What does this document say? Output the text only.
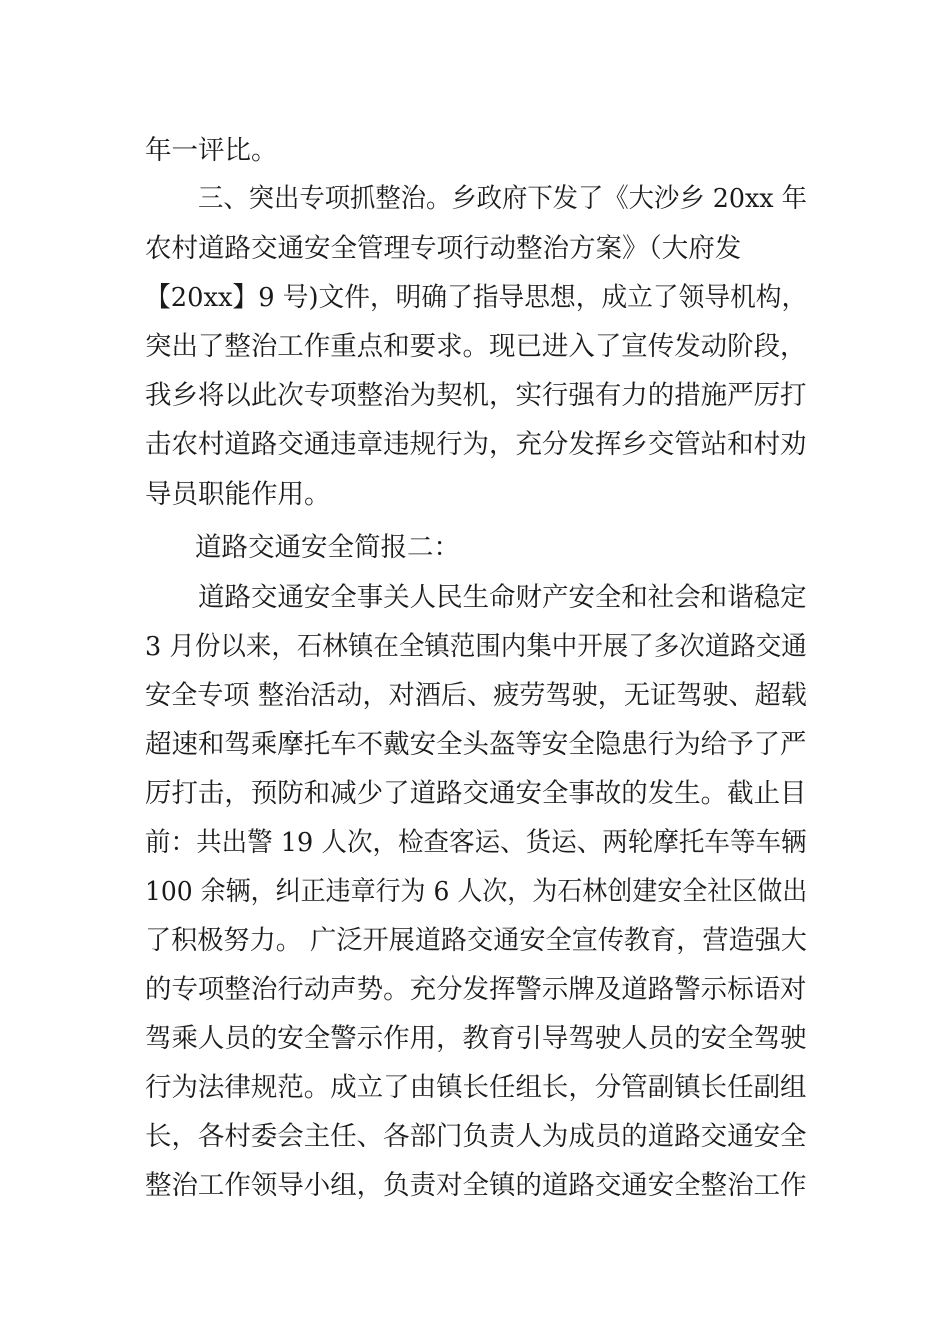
年一评比。
三、突出专项抓整治。乡政府下发了《大沙乡 20xx 年
农村道路交通安全管理专项行动整治方案》（大府发
【20xx】9 号)文件，明确了指导思想，成立了领导机构，
突出了整治工作重点和要求。现已进入了宣传发动阶段，
我乡将以此次专项整治为契机，实行强有力的措施严厉打
击农村道路交通违章违规行为，充分发挥乡交管站和村劝
导员职能作用。
道路交通安全简报二：
道路交通安全事关人民生命财产安全和社会和谐稳定
3 月份以来，石林镇在全镇范围内集中开展了多次道路交通
安全专项 整治活动，对酒后、疲劳驾驶，无证驾驶、超载
超速和驾乘摩托车不戴安全头盔等安全隐患行为给予了严
厉打击，预防和减少了道路交通安全事故的发生。截止目
前：共出警 19 人次，检查客运、货运、两轮摩托车等车辆
100 余辆，纠正违章行为 6 人次，为石林创建安全社区做出
了积极努力。 广泛开展道路交通安全宣传教育，营造强大
的专项整治行动声势。充分发挥警示牌及道路警示标语对
驾乘人员的安全警示作用，教育引导驾驶人员的安全驾驶
行为法律规范。成立了由镇长任组长，分管副镇长任副组
长，各村委会主任、各部门负责人为成员的道路交通安全
整治工作领导小组，负责对全镇的道路交通安全整治工作
